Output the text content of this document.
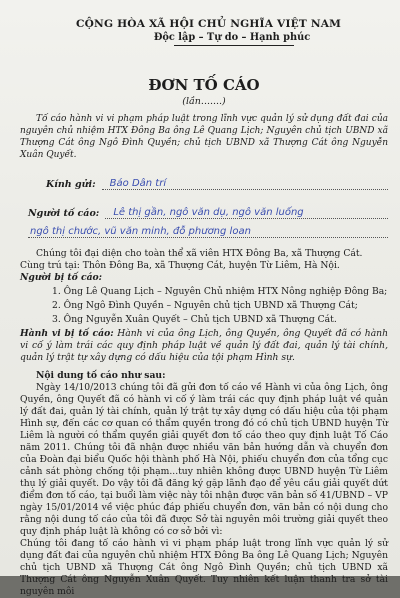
CỘNG HÒA XÃ HỘI CHỦ NGHĨA VIỆT NAM
Độc lập – Tự do – Hạnh phúc
ĐƠN TỐ CÁO
(lần.......)

Tố cáo hành vi vi phạm pháp luật trong lĩnh vực quản lý sử dụng đất đai của nguyên chủ nhiệm HTX Đông Ba ông Lê Quang Lịch; Nguyên chủ tịch UBND xã Thượng Cát ông Ngô Đình Quyền; chủ tịch UBND xã Thượng Cát ông Nguyễn Xuân Quyết.

Kính gửi: Báo Dân trí
Người tố cáo: Lê thị gần, ngô văn dụ, ngô văn luống
ngô thị chước, vũ văn minh, đỗ phương loan

Chúng tôi đại diện cho toàn thể xã viên HTX Đông Ba, xã Thượng Cát.

Cùng trú tại: Thôn Đông Ba, xã Thượng Cát, huyện Từ Liêm, Hà Nội.

Người bị tố cáo:

1. Ông Lê Quang Lịch – Nguyên Chủ nhiệm HTX Nông nghiệp Đông Ba;
2. Ông Ngô Đình Quyền – Nguyên chủ tịch UBND xã Thượng Cát;
3. Ông Nguyễn Xuân Quyết – Chủ tịch UBND xã Thượng Cát.

Hành vi bị tố cáo: Hành vi của ông Lịch, ông Quyền, ông Quyết đã có hành vi cố ý làm trái các quy định pháp luật về quản lý đất đai, quản lý tài chính, quản lý trật tự xây dựng có dấu hiệu của tội phạm Hình sự.

Nội dung tố cáo như sau:

Ngày 14/10/2013 chúng tôi đã gửi đơn tố cáo về Hành vi của ông Lịch, ông Quyền, ông Quyết đã có hành vi cố ý làm trái các quy định pháp luật về quản lý đất đai, quản lý tài chính, quản lý trật tự xây dựng có dấu hiệu của tội phạm Hình sự, đến các cơ quan có thẩm quyền trong đó có chủ tịch UBND huyện Từ Liêm là người có thẩm quyền giải quyết đơn tố cáo theo quy định luật Tố Cáo năm 2011. Chúng tôi đã nhận được nhiều văn bản hướng dẫn và chuyển đơn của Đoàn đại biểu Quốc hội thành phố Hà Nội, phiếu chuyển đơn của tổng cục cảnh sát phòng chống tội phạm...tuy nhiên không được UBND huyện Từ Liêm thụ lý giải quyết. Do vậy tôi đã đăng ký gặp lãnh đạo để yêu cầu giải quyết dứt điểm đơn tố cáo, tại buổi làm việc này tôi nhận được văn bản số 41/UBND – VP ngày 15/01/2014 về việc phúc đáp phiếu chuyển đơn, văn bản có nội dung cho rằng nội dung tố cáo của tôi đã được Sở tài nguyên môi trường giải quyết theo quy định pháp luật là không có cơ sở bởi vì:

Chúng tôi đang tố cáo hành vi vi phạm pháp luật trong lĩnh vực quản lý sử dụng đất đai của nguyên chủ nhiệm HTX Đông Ba ông Lê Quang Lịch; Nguyên chủ tịch UBND xã Thượng Cát ông Ngô Đình Quyền; chủ tịch UBND xã Thượng Cát ông Nguyễn Xuân Quyết. Tuy nhiên kết luận thanh tra sở tài nguyên môi
